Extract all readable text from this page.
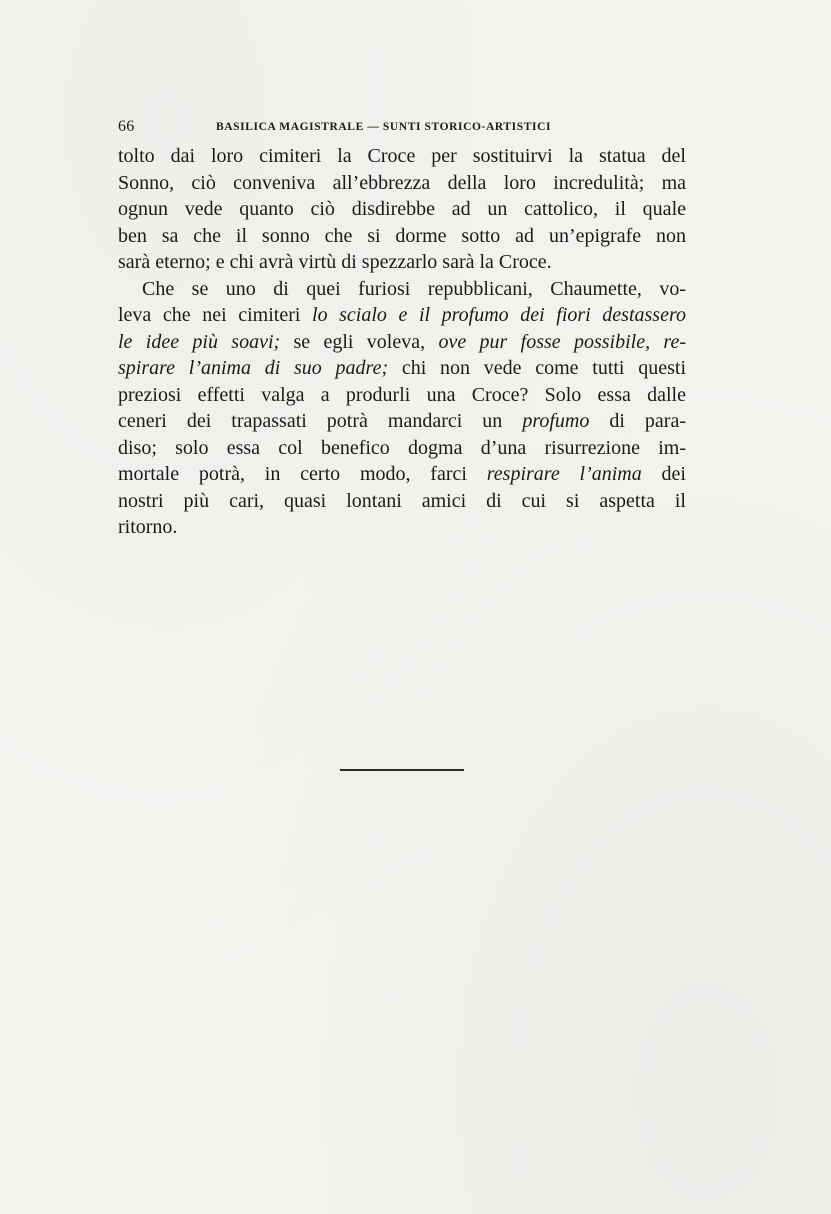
66	BASILICA MAGISTRALE — SUNTI STORICO-ARTISTICI
tolto dai loro cimiteri la Croce per sostituirvi la statua del
Sonno, ciò conveniva all’ebbrezza della loro incredulità; ma
ognun vede quanto ciò disdirebbe ad un cattolico, il quale
ben sa che il sonno che si dorme sotto ad un’epigrafe non
sarà eterno; e chi avrà virtù di spezzarlo sarà la Croce.
Che se uno di quei furiosi repubblicani, Chaumette, vo-
leva che nei cimiteri lo scialo e il profumo dei fiori destassero
le idee più soavi; se egli voleva, ove pur fosse possibile, re-
spirare l’anima di suo padre; chi non vede come tutti questi
preziosi effetti valga a produrli una Croce? Solo essa dalle
ceneri dei trapassati potrà mandarci un profumo di para-
diso; solo essa col benefico dogma d’una risurrezione im-
mortale potrà, in certo modo, farci respirare l’anima dei
nostri più cari, quasi lontani amici di cui si aspetta il
ritorno.
